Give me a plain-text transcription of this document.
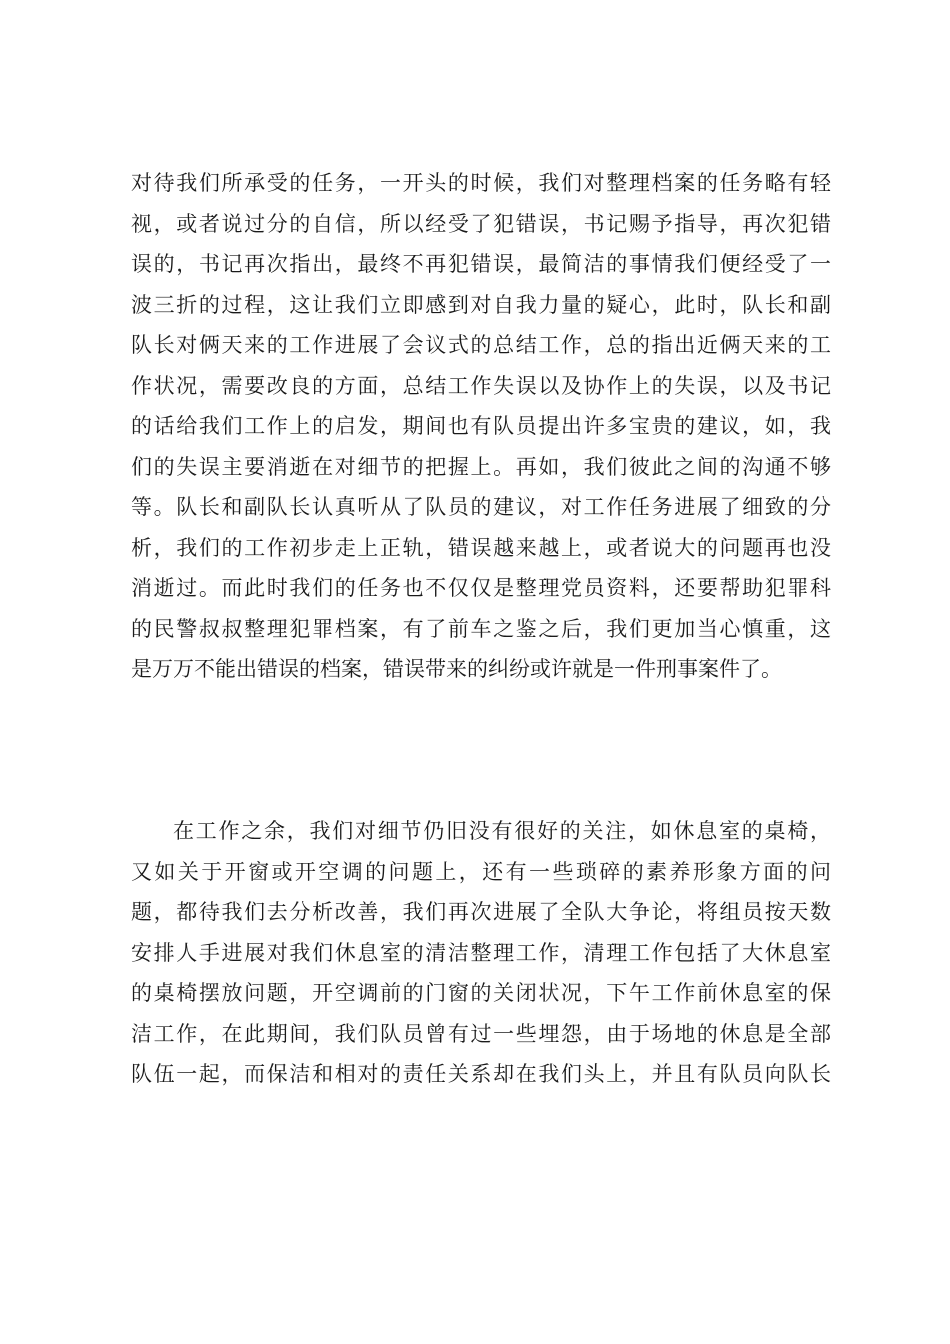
对待我们所承受的任务，一开头的时候，我们对整理档案的任务略有轻
视，或者说过分的自信，所以经受了犯错误，书记赐予指导，再次犯错
误的，书记再次指出，最终不再犯错误，最简洁的事情我们便经受了一
波三折的过程，这让我们立即感到对自我力量的疑心，此时，队长和副
队长对俩天来的工作进展了会议式的总结工作，总的指出近俩天来的工
作状况，需要改良的方面，总结工作失误以及协作上的失误，以及书记
的话给我们工作上的启发，期间也有队员提出许多宝贵的建议，如，我
们的失误主要消逝在对细节的把握上。再如，我们彼此之间的沟通不够
等。队长和副队长认真听从了队员的建议，对工作任务进展了细致的分
析，我们的工作初步走上正轨，错误越来越上，或者说大的问题再也没
消逝过。而此时我们的任务也不仅仅是整理党员资料，还要帮助犯罪科
的民警叔叔整理犯罪档案，有了前车之鉴之后，我们更加当心慎重，这
是万万不能出错误的档案，错误带来的纠纷或许就是一件刑事案件了。
在工作之余，我们对细节仍旧没有很好的关注，如休息室的桌椅，
又如关于开窗或开空调的问题上，还有一些琐碎的素养形象方面的问
题，都待我们去分析改善，我们再次进展了全队大争论，将组员按天数
安排人手进展对我们休息室的清洁整理工作，清理工作包括了大休息室
的桌椅摆放问题，开空调前的门窗的关闭状况，下午工作前休息室的保
洁工作，在此期间，我们队员曾有过一些埋怨，由于场地的休息是全部
队伍一起，而保洁和相对的责任关系却在我们头上，并且有队员向队长
